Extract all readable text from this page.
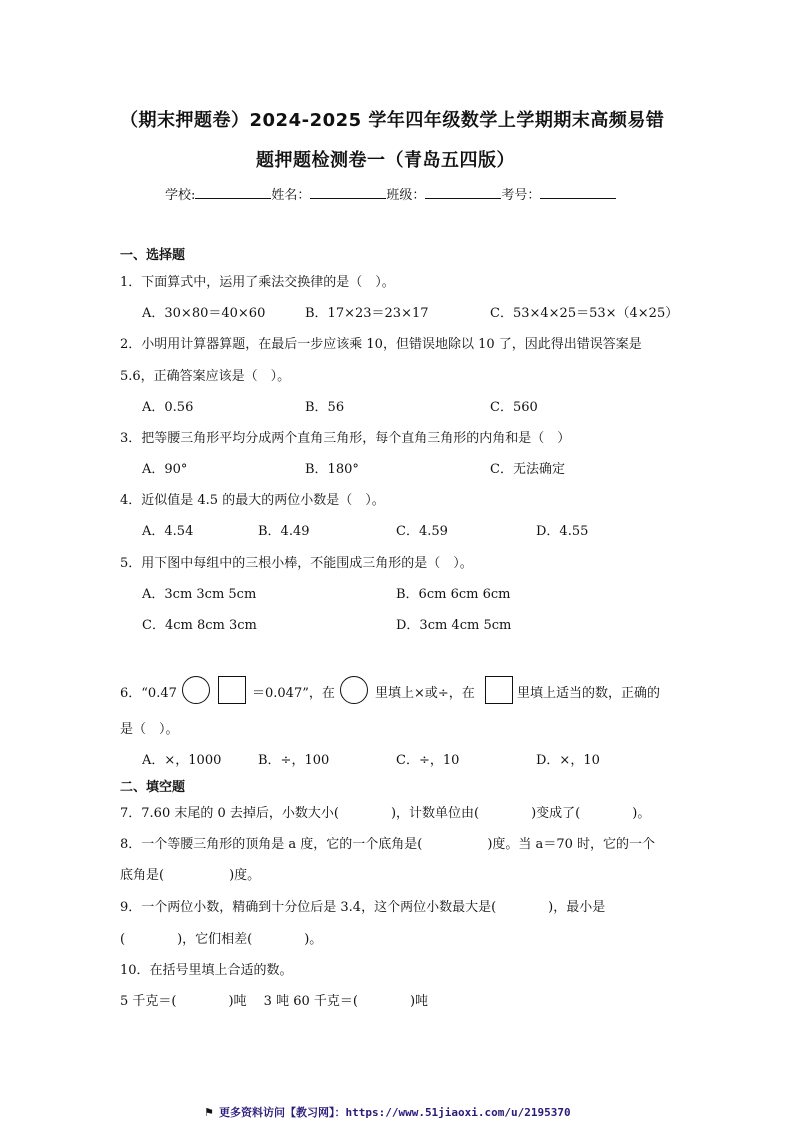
（期末押题卷）2024-2025 学年四年级数学上学期期末高频易错
题押题检测卷一（青岛五四版）
学校:	姓名：	班级：	考号：
一、选择题
1．下面算式中，运用了乘法交换律的是（　）。
A．30×80＝40×60	B．17×23＝23×17	C．53×4×25＝53×（4×25）
2．小明用计算器算题，在最后一步应该乘 10，但错误地除以 10 了，因此得出错误答案是
5.6，正确答案应该是（　）。
A．0.56	B．56	C．560
3．把等腰三角形平均分成两个直角三角形，每个直角三角形的内角和是（　）
A．90°	B．180°	C．无法确定
4．近似值是 4.5 的最大的两位小数是（　）。
A．4.54	B．4.49	C．4.59	D．4.55
5．用下图中每组中的三根小棒，不能围成三角形的是（　）。
A．3cm 3cm 5cm	B．6cm 6cm 6cm
C．4cm 8cm 3cm	D．3cm 4cm 5cm
6．“0.47	＝0.047”，在	里填上×或÷，在	里填上适当的数，正确的
是（　）。
A．×，1000	B．÷，100	C．÷，10	D．×，10
二、填空题
7．7.60 末尾的 0 去掉后，小数大小(　　　　)，计数单位由(　　　　)变成了(　　　　)。
8．一个等腰三角形的顶角是 a 度，它的一个底角是(　　　　　)度。当 a＝70 时，它的一个
底角是(　　　　　)度。
9．一个两位小数，精确到十分位后是 3.4，这个两位小数最大是(　　　　)，最小是
(　　　　)，它们相差(　　　　)。
10．在括号里填上合适的数。
5 千克＝(　　　　)吨　 3 吨 60 千克＝(　　　　)吨
⚑ 更多资料访问【教习网】：https://www.51jiaoxi.com/u/2195370
